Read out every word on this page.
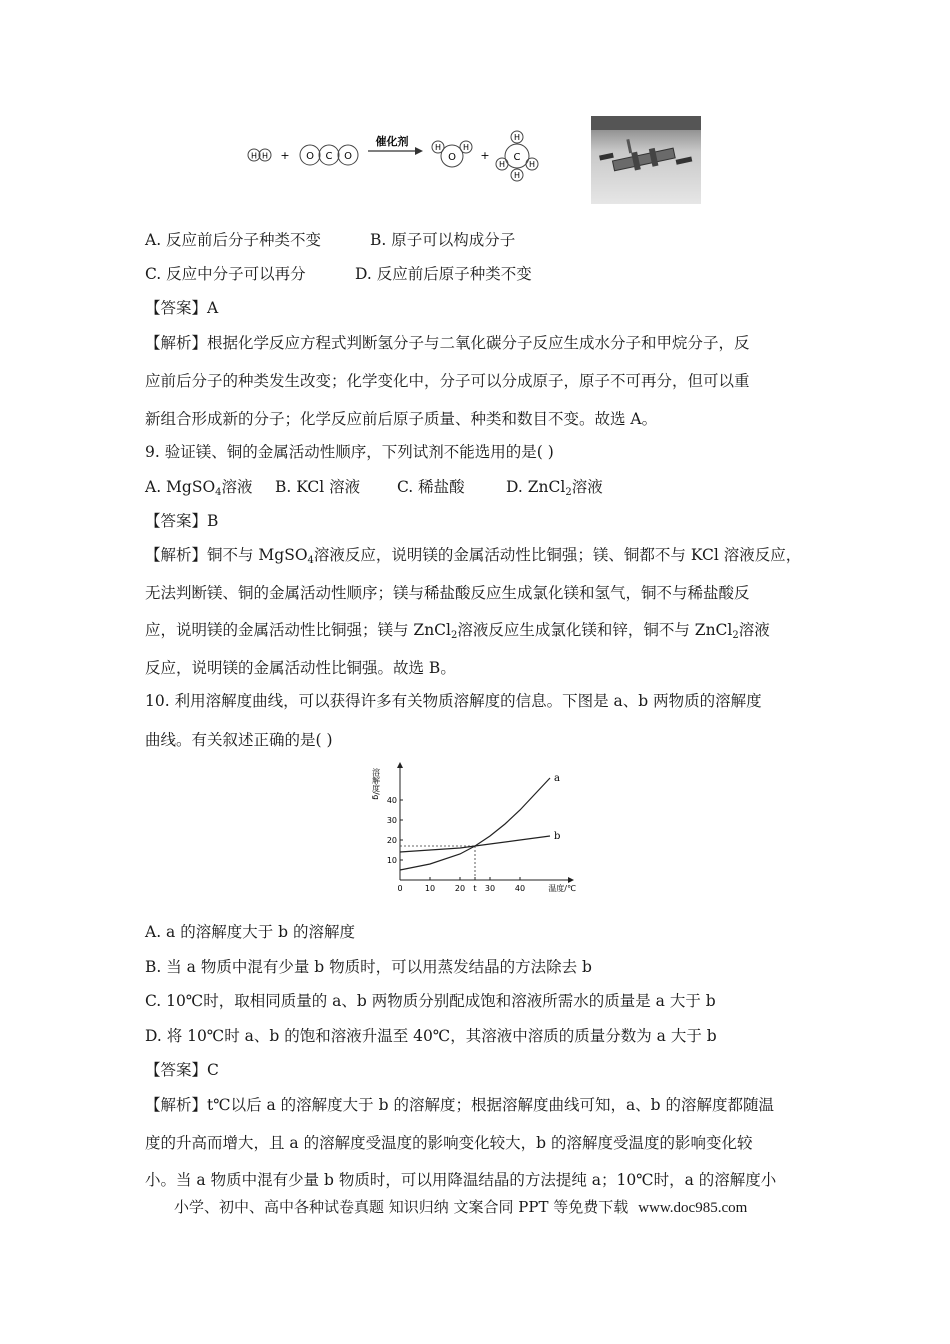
H H + O C O
催化剂
O
H	H
+ C
H
H	H
H
A. 反应前后分子种类不变	B. 原子可以构成分子
C. 反应中分子可以再分	D. 反应前后原子种类不变
【答案】A
【解析】根据化学反应方程式判断氢分子与二氧化碳分子反应生成水分子和甲烷分子，反
应前后分子的种类发生改变；化学变化中，分子可以分成原子，原子不可再分，但可以重
新组合形成新的分子；化学反应前后原子质量、种类和数目不变。故选 A。
9. 验证镁、铜的金属活动性顺序，下列试剂不能选用的是( )
A. MgSO$_4$溶液 B. KCl 溶液 C. 稀盐酸	D. ZnCl$_2$溶液
【答案】B
【解析】铜不与 MgSO$_4$溶液反应，说明镁的金属活动性比铜强；镁、铜都不与 KCl 溶液反应，
无法判断镁、铜的金属活动性顺序；镁与稀盐酸反应生成氯化镁和氢气，铜不与稀盐酸反
应，说明镁的金属活动性比铜强；镁与 ZnCl$_2$溶液反应生成氯化镁和锌，铜不与 ZnCl$_2$溶液
反应，说明镁的金属活动性比铜强。故选 B。
10. 利用溶解度曲线，可以获得许多有关物质溶解度的信息。下图是 a、b 两物质的溶解度
曲线。有关叙述正确的是( )
10
20
30
40
0	10 20 t 30 40
a
b
溶解度/g
温度/℃
A. a 的溶解度大于 b 的溶解度
B. 当 a 物质中混有少量 b 物质时，可以用蒸发结晶的方法除去 b
C. 10℃时，取相同质量的 a、b 两物质分别配成饱和溶液所需水的质量是 a 大于 b
D. 将 10℃时 a、b 的饱和溶液升温至 40℃，其溶液中溶质的质量分数为 a 大于 b
【答案】C
【解析】t℃以后 a 的溶解度大于 b 的溶解度；根据溶解度曲线可知，a、b 的溶解度都随温
度的升高而增大，且 a 的溶解度受温度的影响变化较大，b 的溶解度受温度的影响变化较
小。当 a 物质中混有少量 b 物质时，可以用降温结晶的方法提纯 a；10℃时，a 的溶解度小
小学、初中、高中各种试卷真题 知识归纳 文案合同 PPT 等免费下载 www.doc985.com
